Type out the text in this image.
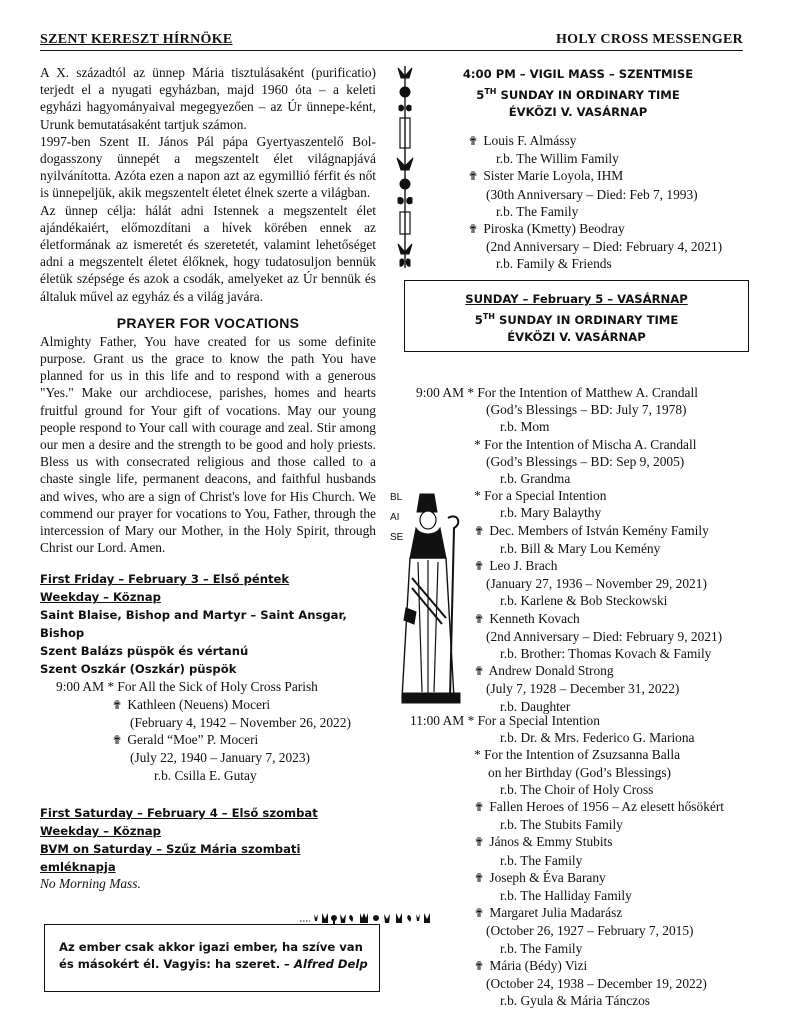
SZENT KERESZT HÍRNÖKE	HOLY CROSS MESSENGER

A X. századtól az ünnep Mária tisztulásaként (purificatio) terjedt el a nyugati egyházban, majd 1960 óta – a keleti egyházi hagyományaival megegyezően – az Úr ünnepe-ként, Urunk bemutatásaként tartjuk számon.

1997-ben Szent II. János Pál pápa Gyertyaszentelő Boldogasszony ünnepét a megszentelt élet világnapjává nyilvánította. Azóta ezen a napon azt az egymillió férfit és nőt is ünnepeljük, akik megszentelt életet élnek szerte a világban.

Az ünnep célja: hálát adni Istennek a megszentelt élet ajándékaiért, előmozdítani a hívek körében ennek az életformának az ismeretét és szeretetét, valamint lehetőséget adni a megszentelt életet élőknek, hogy tudatosuljon bennük életük szépsége és azok a csodák, amelyeket az Úr bennük és általuk művel az egyház és a világ javára.

PRAYER FOR VOCATIONS

Almighty Father, You have created for us some definite purpose. Grant us the grace to know the path You have planned for us in this life and to respond with a generous "Yes." Make our archdiocese, parishes, homes and hearts fruitful ground for Your gift of vocations. May our young people respond to Your call with courage and zeal. Stir among our men a desire and the strength to be good and holy priests. Bless us with consecrated religious and those called to a chaste single life, permanent deacons, and faithful husbands and wives, who are a sign of Christ's love for His Church. We commend our prayer for vocations to You, Father, through the intercession of Mary our Mother, in the Holy Spirit, through Christ our Lord. Amen.

First Friday – February 3 – Első péntek
Weekday – Köznap
Saint Blaise, Bishop and Martyr – Saint Ansgar,
Bishop
Szent Balázs püspök és vértanú
Szent Oszkár (Oszkár) püspök
9:00 AM * For All the Sick of Holy Cross Parish
✟ Kathleen (Neuens) Moceri
(February 4, 1942 – November 26, 2022)
✟ Gerald “Moe” P. Moceri
(July 22, 1940 – January 7, 2023)
r.b. Csilla E. Gutay
First Saturday – February 4 – Első szombat
Weekday – Köznap
BVM on Saturday – Szűz Mária szombati emléknapja
No Morning Mass.

Az ember csak akkor igazi ember, ha szíve van

és másokért él. Vagyis: ha szeret. – Alfred Delp

4:00 PM – VIGIL MASS – SZENTMISE
5TH SUNDAY IN ORDINARY TIME
ÉVKÖZI V. VASÁRNAP
✟ Louis F. Almássy
r.b. The Willim Family
✟ Sister Marie Loyola, IHM
(30th Anniversary – Died: Feb 7, 1993)
r.b. The Family
✟ Piroska (Kmetty) Beodray
(2nd Anniversary – Died: February 4, 2021)
r.b. Family & Friends
SUNDAY – February 5 – VASÁRNAP
5TH SUNDAY IN ORDINARY TIME
ÉVKÖZI V. VASÁRNAP
BL
AI
SE
9:00 AM * For the Intention of Matthew A. Crandall
(God’s Blessings – BD: July 7, 1978)
r.b. Mom
* For the Intention of Mischa A. Crandall
(God’s Blessings – BD: Sep 9, 2005)
r.b. Grandma
* For a Special Intention
r.b. Mary Balaythy
✟ Dec. Members of István Kemény Family
r.b. Bill & Mary Lou Kemény
✟ Leo J. Brach
(January 27, 1936 – November 29, 2021)
r.b. Karlene & Bob Steckowski
✟ Kenneth Kovach
(2nd Anniversary – Died: February 9, 2021)
r.b. Brother: Thomas Kovach & Family
✟ Andrew Donald Strong
(July 7, 1928 – December 31, 2022)
r.b. Daughter
11:00 AM * For a Special Intention
r.b. Dr. & Mrs. Federico G. Mariona
* For the Intention of Zsuzsanna Balla
on her Birthday (God’s Blessings)
r.b. The Choir of Holy Cross
✟ Fallen Heroes of 1956 – Az elesett hősökért
r.b. The Stubits Family
✟ János & Emmy Stubits
r.b. The Family
✟ Joseph & Éva Barany
r.b. The Halliday Family
✟ Margaret Julia Madarász
(October 26, 1927 – February 7, 2015)
r.b. The Family
✟ Mária (Bédy) Vizi
(October 24, 1938 – December 19, 2022)
r.b. Gyula & Mária Tánczos
